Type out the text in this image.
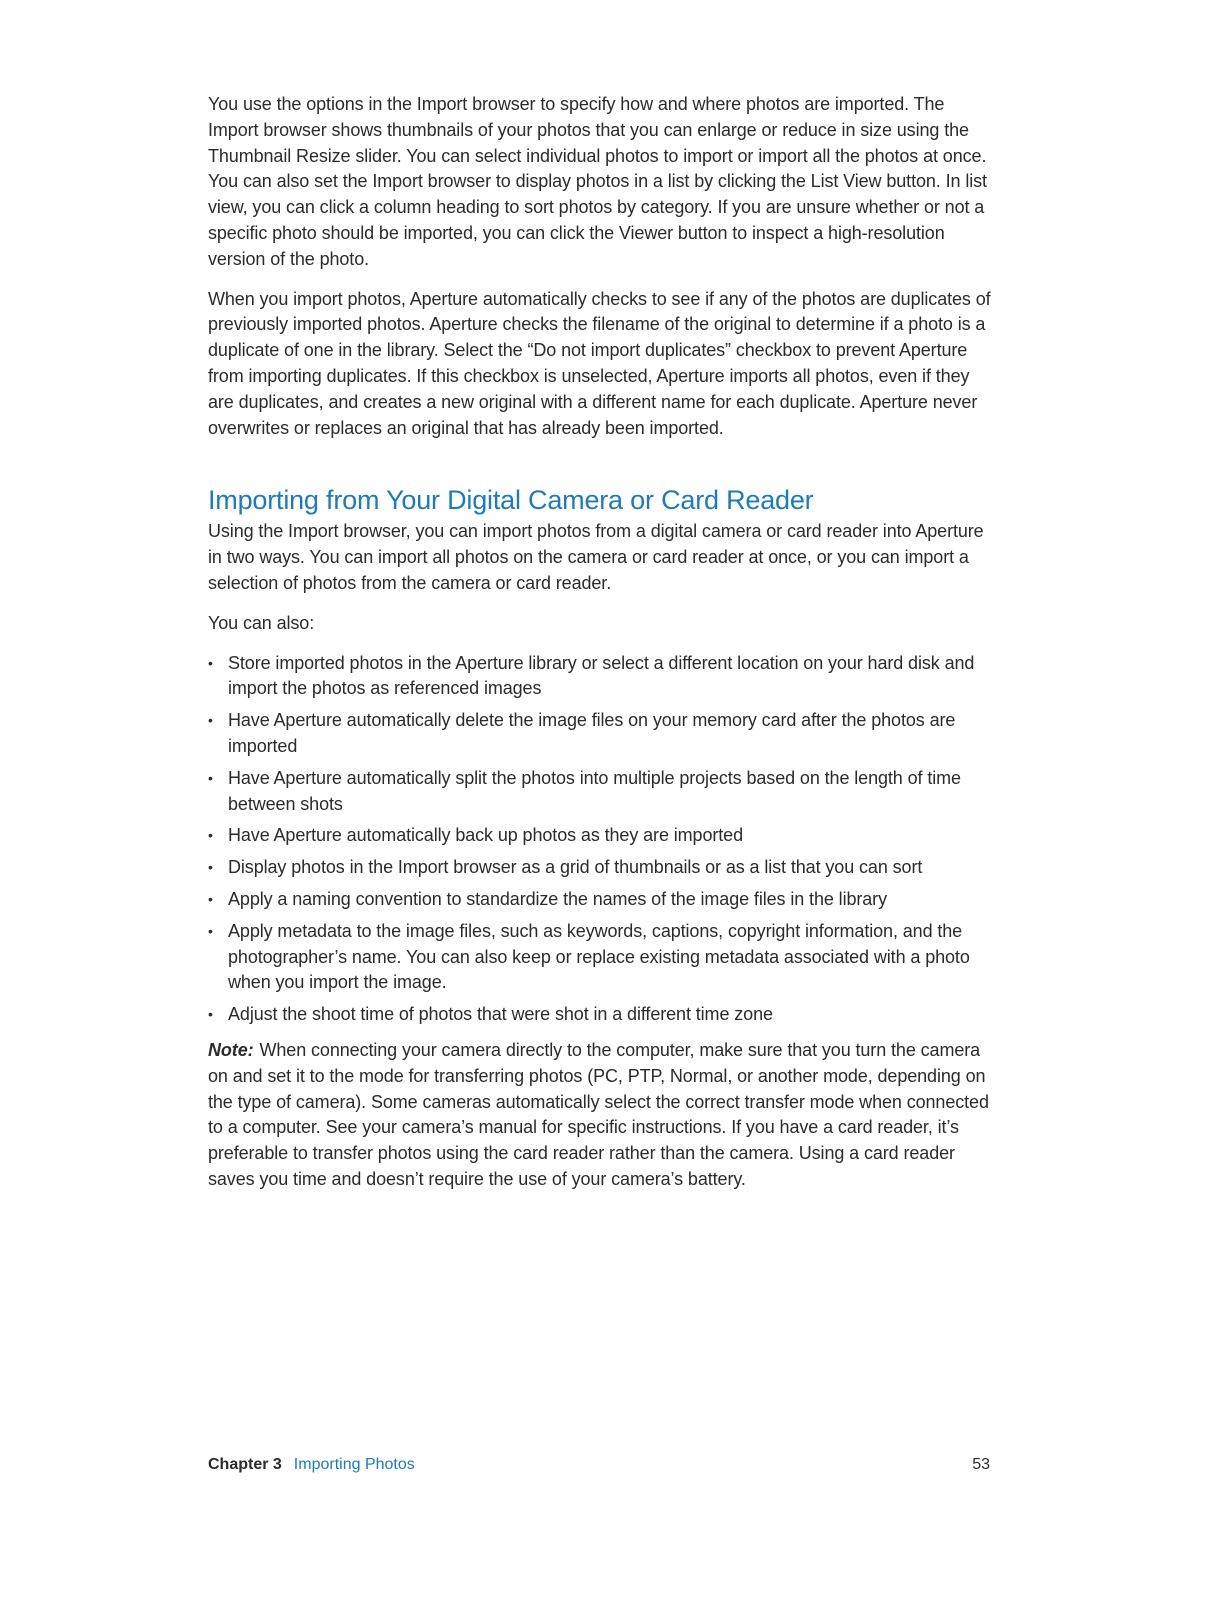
You use the options in the Import browser to specify how and where photos are imported. The Import browser shows thumbnails of your photos that you can enlarge or reduce in size using the Thumbnail Resize slider. You can select individual photos to import or import all the photos at once. You can also set the Import browser to display photos in a list by clicking the List View button. In list view, you can click a column heading to sort photos by category. If you are unsure whether or not a specific photo should be imported, you can click the Viewer button to inspect a high-resolution version of the photo.

When you import photos, Aperture automatically checks to see if any of the photos are duplicates of previously imported photos. Aperture checks the filename of the original to determine if a photo is a duplicate of one in the library. Select the “Do not import duplicates” checkbox to prevent Aperture from importing duplicates. If this checkbox is unselected, Aperture imports all photos, even if they are duplicates, and creates a new original with a different name for each duplicate. Aperture never overwrites or replaces an original that has already been imported.

Importing from Your Digital Camera or Card Reader

Using the Import browser, you can import photos from a digital camera or card reader into Aperture in two ways. You can import all photos on the camera or card reader at once, or you can import a selection of photos from the camera or card reader.

You can also:

• Store imported photos in the Aperture library or select a different location on your hard disk and import the photos as referenced images
• Have Aperture automatically delete the image files on your memory card after the photos are imported
• Have Aperture automatically split the photos into multiple projects based on the length of time between shots
• Have Aperture automatically back up photos as they are imported
• Display photos in the Import browser as a grid of thumbnails or as a list that you can sort
• Apply a naming convention to standardize the names of the image files in the library
• Apply metadata to the image files, such as keywords, captions, copyright information, and the photographer’s name. You can also keep or replace existing metadata associated with a photo when you import the image.
• Adjust the shoot time of photos that were shot in a different time zone

Note: When connecting your camera directly to the computer, make sure that you turn the camera on and set it to the mode for transferring photos (PC, PTP, Normal, or another mode, depending on the type of camera). Some cameras automatically select the correct transfer mode when connected to a computer. See your camera’s manual for specific instructions. If you have a card reader, it’s preferable to transfer photos using the card reader rather than the camera. Using a card reader saves you time and doesn’t require the use of your camera’s battery.

Chapter 3 Importing Photos	53
